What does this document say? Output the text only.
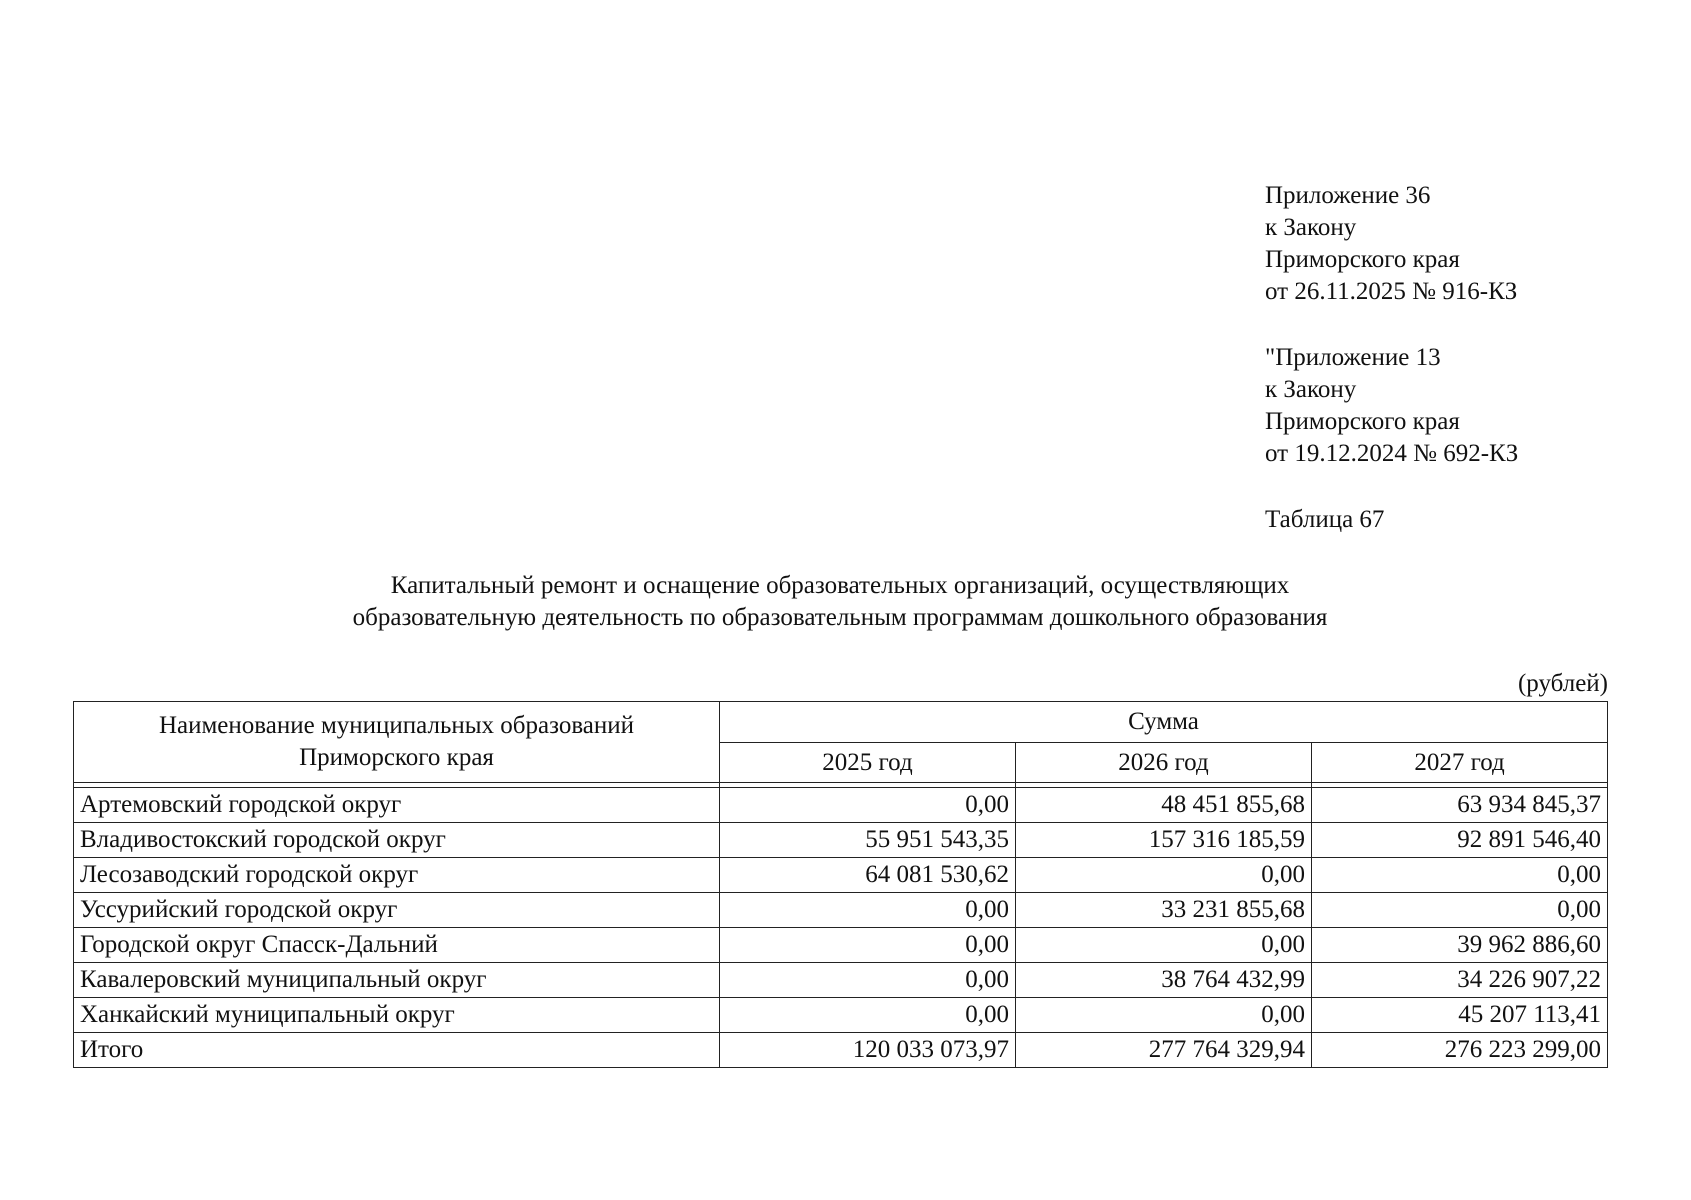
Приложение 36
к Закону
Приморского края
от 26.11.2025 № 916-КЗ
"Приложение 13
к Закону
Приморского края
от 19.12.2024 № 692-КЗ
Таблица 67
Капитальный ремонт и оснащение образовательных организаций, осуществляющих
образовательную деятельность по образовательным программам дошкольного образования
(рублей)
Наименование муниципальных образований
Приморского края	Сумма		
	2025 год	2026 год	2027 год

Артемовский городской округ	0,00	48 451 855,68	63 934 845,37
Владивостокский городской округ	55 951 543,35	157 316 185,59	92 891 546,40
Лесозаводский городской округ	64 081 530,62	0,00	0,00
Уссурийский городской округ	0,00	33 231 855,68	0,00
Городской округ Спасск-Дальний	0,00	0,00	39 962 886,60
Кавалеровский муниципальный округ	0,00	38 764 432,99	34 226 907,22
Ханкайский муниципальный округ	0,00	0,00	45 207 113,41
Итого	120 033 073,97	277 764 329,94	276 223 299,00
